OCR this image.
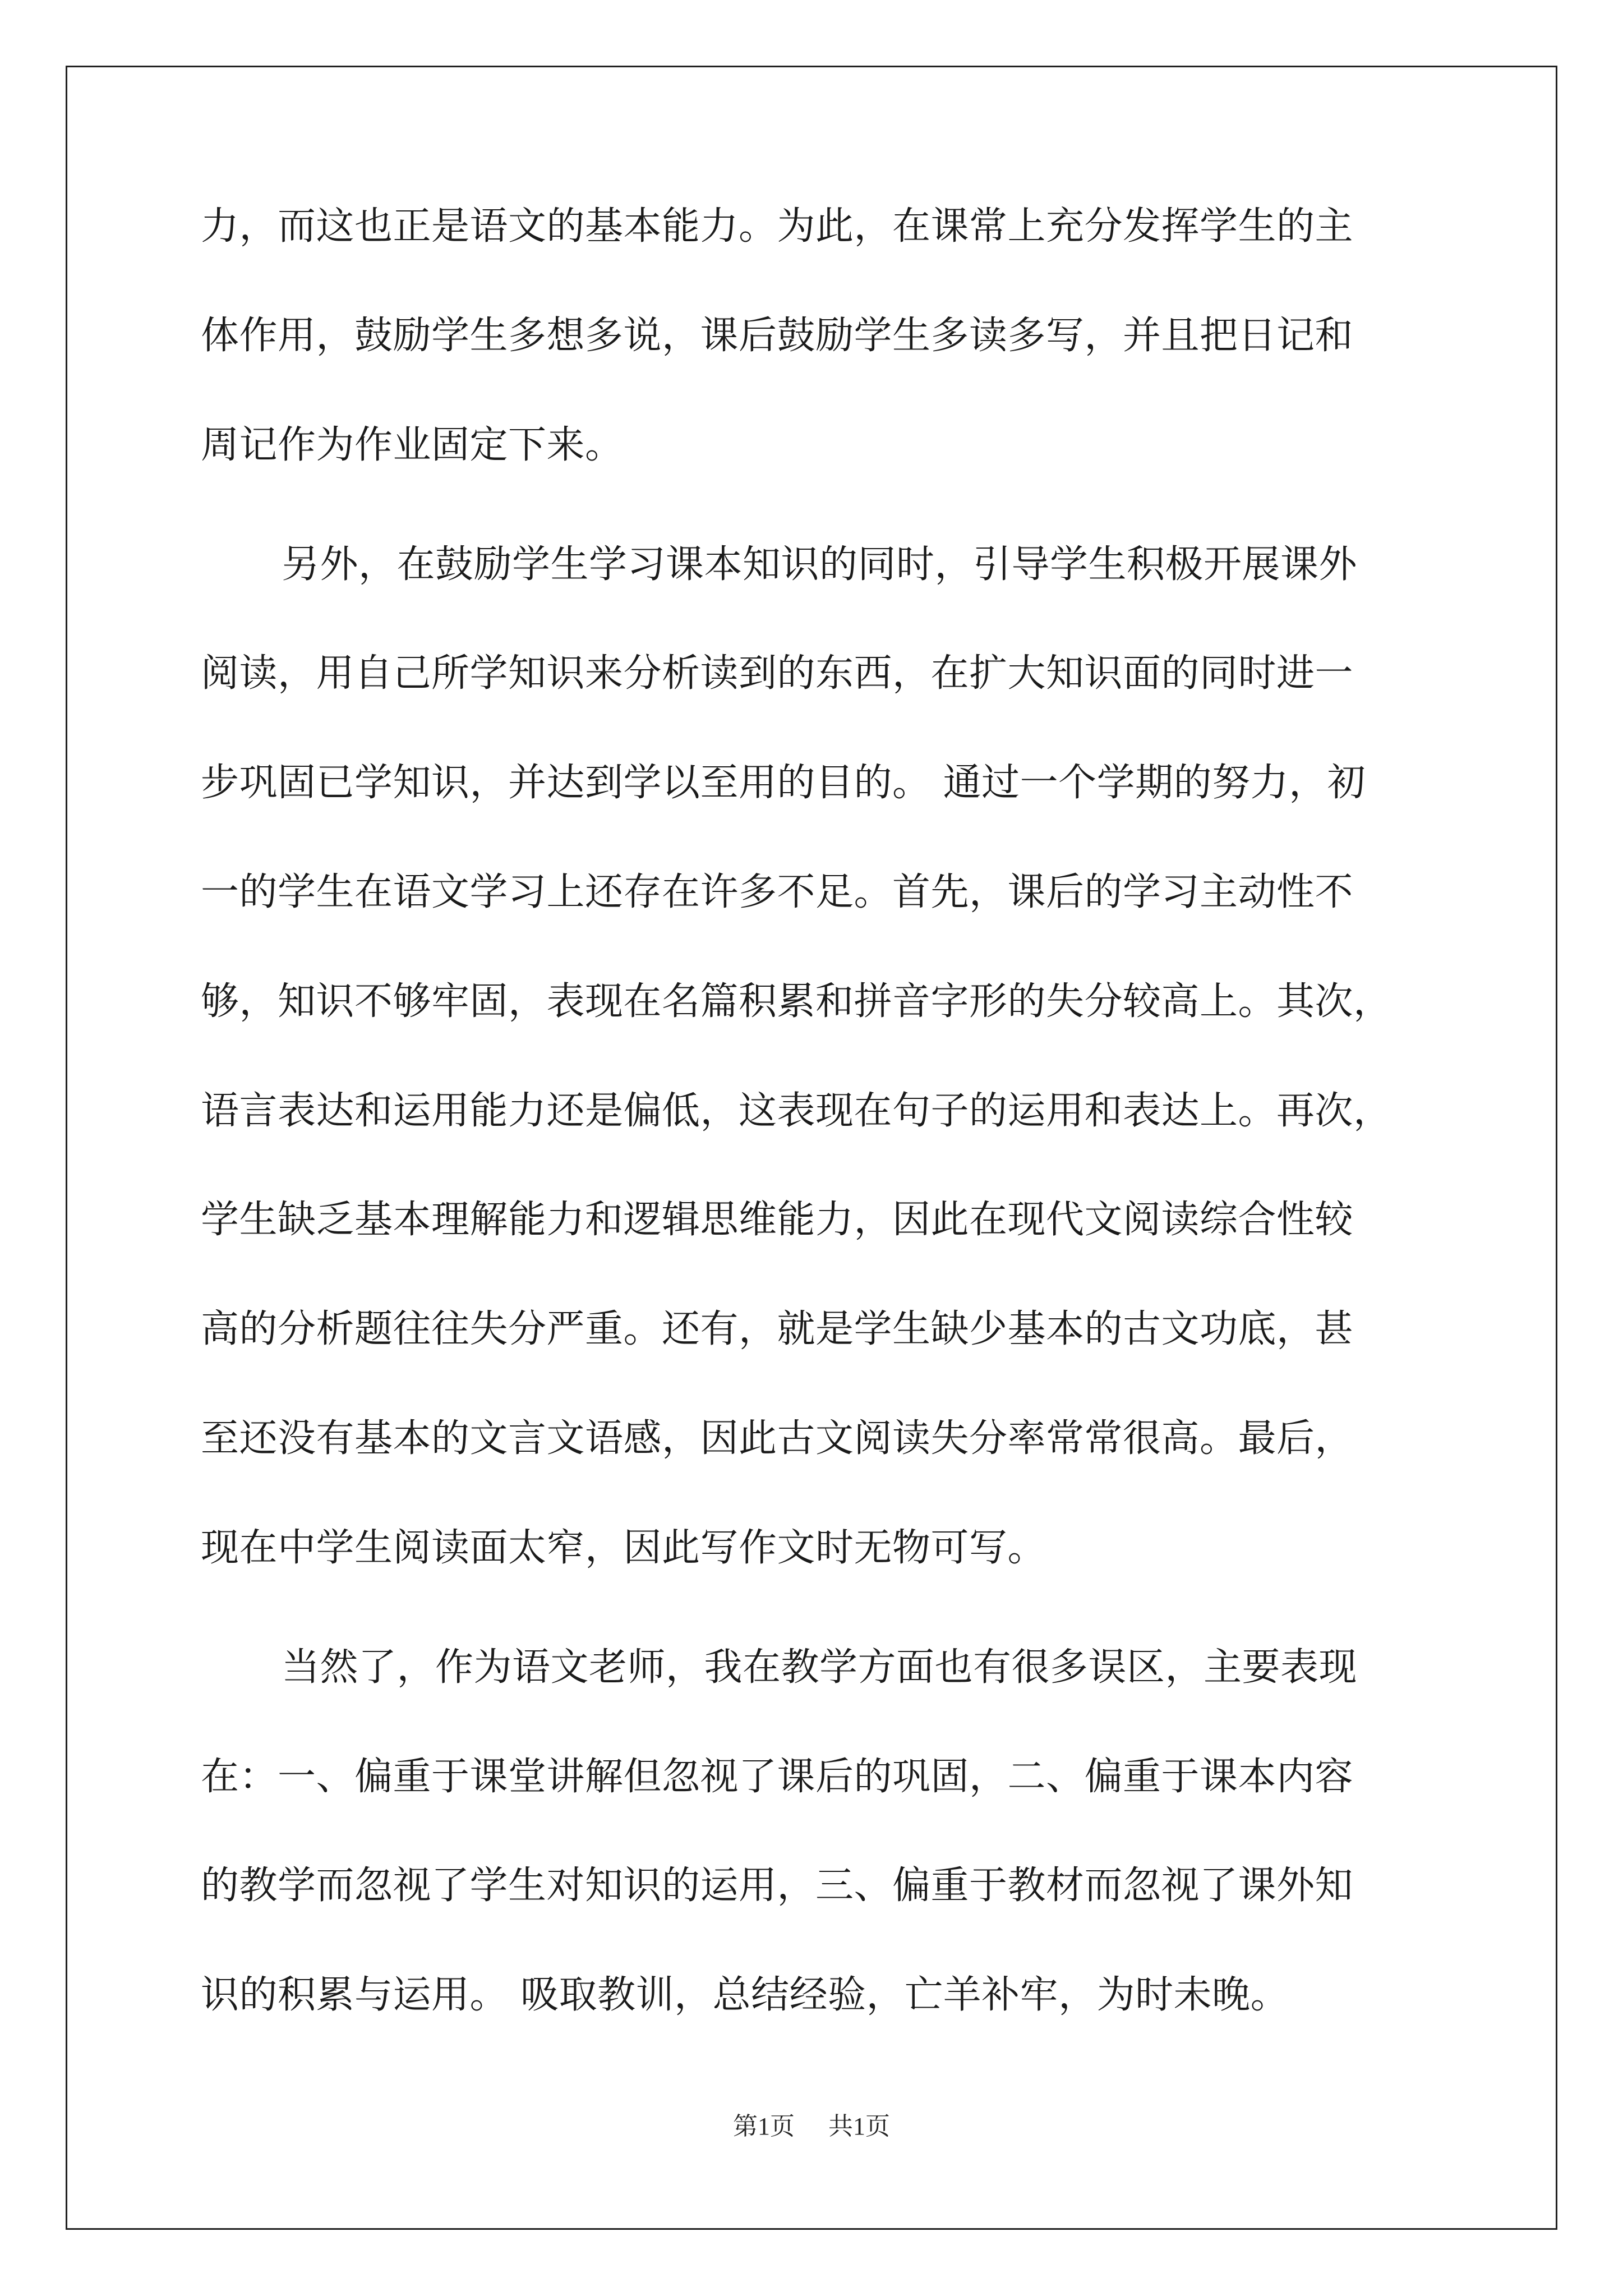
力，而这也正是语文的基本能力。为此，在课常上充分发挥学生的主
体作用，鼓励学生多想多说，课后鼓励学生多读多写，并且把日记和
周记作为作业固定下来。
另外，在鼓励学生学习课本知识的同时，引导学生积极开展课外
阅读，用自己所学知识来分析读到的东西，在扩大知识面的同时进一
步巩固已学知识，并达到学以至用的目的。 通过一个学期的努力，初
一的学生在语文学习上还存在许多不足。首先，课后的学习主动性不
够，知识不够牢固，表现在名篇积累和拼音字形的失分较高上。其次，
语言表达和运用能力还是偏低，这表现在句子的运用和表达上。再次，
学生缺乏基本理解能力和逻辑思维能力，因此在现代文阅读综合性较
高的分析题往往失分严重。还有，就是学生缺少基本的古文功底，甚
至还没有基本的文言文语感，因此古文阅读失分率常常很高。最后，
现在中学生阅读面太窄，因此写作文时无物可写。
当然了，作为语文老师，我在教学方面也有很多误区，主要表现
在：一、偏重于课堂讲解但忽视了课后的巩固，二、偏重于课本内容
的教学而忽视了学生对知识的运用，三、偏重于教材而忽视了课外知
识的积累与运用。 吸取教训，总结经验，亡羊补牢，为时未晚。
第1页 共1页
